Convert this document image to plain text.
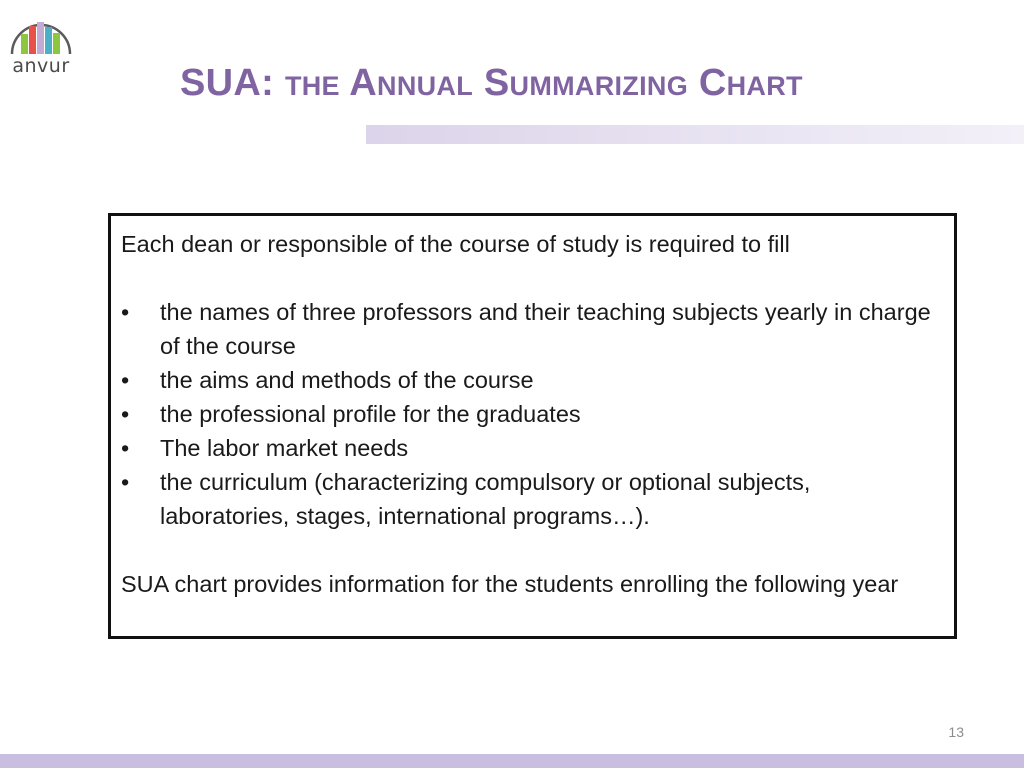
anvur	SUA: the Annual Summarizing Chart

Each dean or responsible of the course of study is required to fill

•	the names of three professors and their teaching subjects yearly in charge of the course
•	the aims and methods of the course
•	the professional profile for the graduates
•	The labor market needs
•	the curriculum (characterizing compulsory or optional subjects, laboratories, stages, international programs…).

SUA chart provides information for the students enrolling the following year

13
